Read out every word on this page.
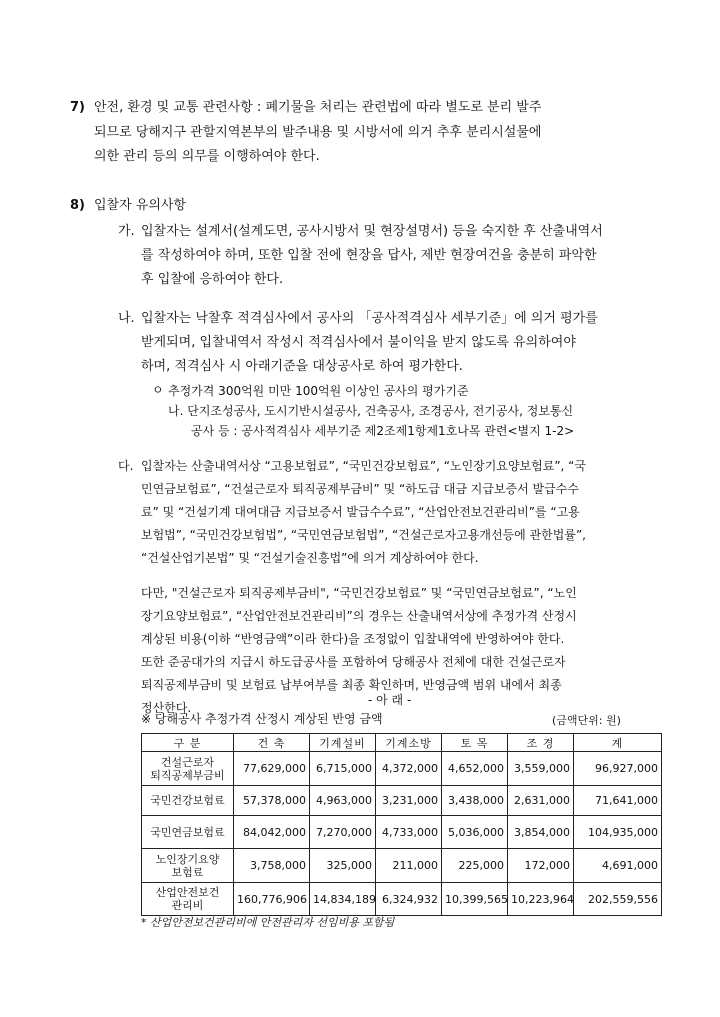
7) 안전, 환경 및 교통 관련사항 : 폐기물을 처리는 관련법에 따라 별도로 분리 발주
되므로 당해지구 관할지역본부의 발주내용 및 시방서에 의거 추후 분리시설물에
의한 관리 등의 의무를 이행하여야 한다.
8) 입찰자 유의사항
가. 입찰자는 설계서(설계도면, 공사시방서 및 현장설명서) 등을 숙지한 후 산출내역서
를 작성하여야 하며, 또한 입찰 전에 현장을 답사, 제반 현장여건을 충분히 파악한
후 입찰에 응하여야 한다.
나. 입찰자는 낙찰후 적격심사에서 공사의 「공사적격심사 세부기준」에 의거 평가를
받게되며, 입찰내역서 작성시 적격심사에서 불이익을 받지 않도록 유의하여야
하며, 적격심사 시 아래기준을 대상공사로 하여 평가한다.
ㅇ 추정가격 300억원 미만 100억원 이상인 공사의 평가기준
나. 단지조성공사, 도시기반시설공사, 건축공사, 조경공사, 전기공사, 정보통신
공사 등 : 공사적격심사 세부기준 제2조제1항제1호나목 관련<별지 1-2>
다. 입찰자는 산출내역서상 “고용보험료”, “국민건강보험료”, “노인장기요양보험료”, “국
민연금보험료”, “건설근로자 퇴직공제부금비” 및 “하도급 대금 지급보증서 발급수수
료” 및 “건설기계 대여대금 지급보증서 발급수수료”, “산업안전보건관리비”를 “고용
보험법”, “국민건강보험법”, “국민연금보험법”, “건설근로자고용개선등에 관한법률”,
“건설산업기본법” 및 “건설기술진흥법”에 의거 계상하여야 한다.
다만, "건설근로자 퇴직공제부금비", “국민건강보험료” 및 “국민연금보험료”, “노인
장기요양보험료”, “산업안전보건관리비”의 경우는 산출내역서상에 추정가격 산정시
계상된 비용(이하 “반영금액”이라 한다)을 조정없이 입찰내역에 반영하여야 한다.
또한 준공대가의 지급시 하도급공사를 포함하여 당해공사 전체에 대한 건설근로자
퇴직공제부금비 및 보험료 납부여부를 최종 확인하며, 반영금액 범위 내에서 최종
정산한다.
- 아 래 -
※ 당해공사 추정가격 산정시 계상된 반영 금액	(금액단위: 원)
구 분	건 축	기계설비	기계소방	토 목	조 경	계
건설근로자
퇴직공제부금비	77,629,000	6,715,000	4,372,000	4,652,000	3,559,000	96,927,000
국민건강보험료	57,378,000	4,963,000	3,231,000	3,438,000	2,631,000	71,641,000
국민연금보험료	84,042,000	7,270,000	4,733,000	5,036,000	3,854,000	104,935,000
노인장기요양
보험료	3,758,000	325,000	211,000	225,000	172,000	4,691,000
산업안전보건
관리비	160,776,906	14,834,189	6,324,932	10,399,565	10,223,964	202,559,556
* 산업안전보건관리비에 안전관리자 선임비용 포함됨
